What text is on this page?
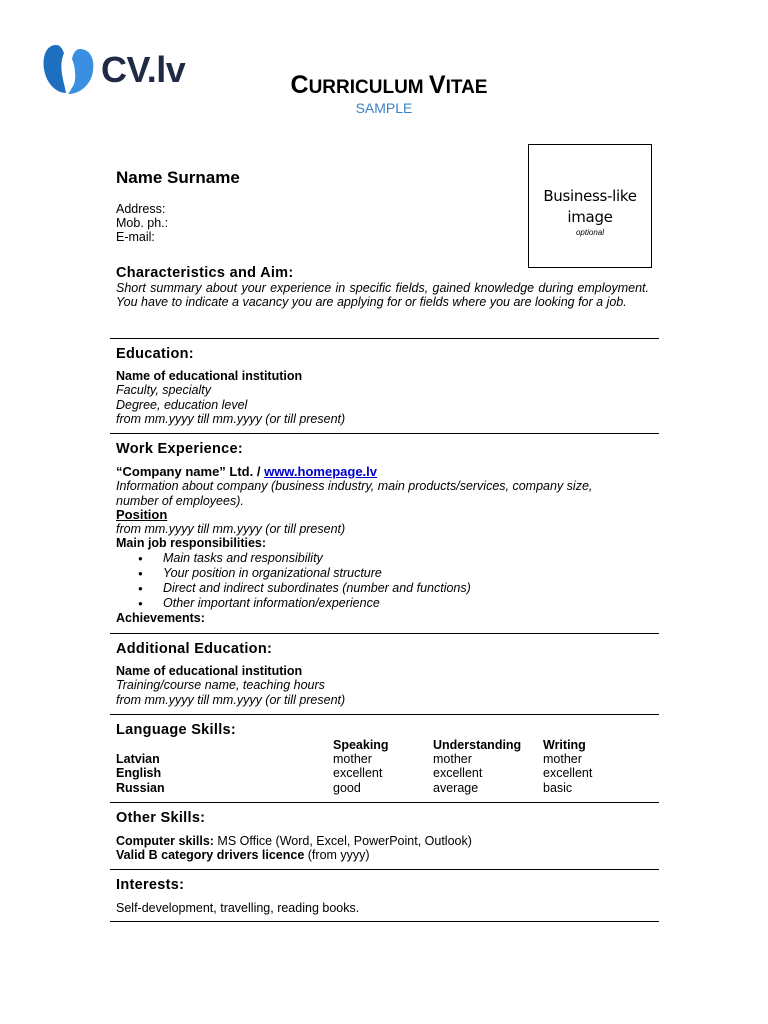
CV.lv	CURRICULUM VITAE
SAMPLE
Business-like
image
optional
Name Surname
Address:
Mob. ph.:
E-mail:
Characteristics and Aim:
Short summary about your experience in specific fields, gained knowledge during employment. You have to indicate a vacancy you are applying for or fields where you are looking for a job.
Education:
Name of educational institution
Faculty, specialty
Degree, education level
from mm.yyyy till mm.yyyy (or till present)
Work Experience:
“Company name” Ltd. / www.homepage.lv
Information about company (business industry, main products/services, company size, number of employees).
Position
from mm.yyyy till mm.yyyy (or till present)
Main job responsibilities:
● Main tasks and responsibility
● Your position in organizational structure
● Direct and indirect subordinates (number and functions)
● Other important information/experience
Achievements:
Additional Education:
Name of educational institution
Training/course name, teaching hours
from mm.yyyy till mm.yyyy (or till present)
Language Skills:
	Speaking	Understanding	Writing
Latvian	mother	mother	mother
English	excellent	excellent	excellent
Russian	good	average	basic
Other Skills:
Computer skills: MS Office (Word, Excel, PowerPoint, Outlook)
Valid B category drivers licence (from yyyy)
Interests:
Self-development, travelling, reading books.
